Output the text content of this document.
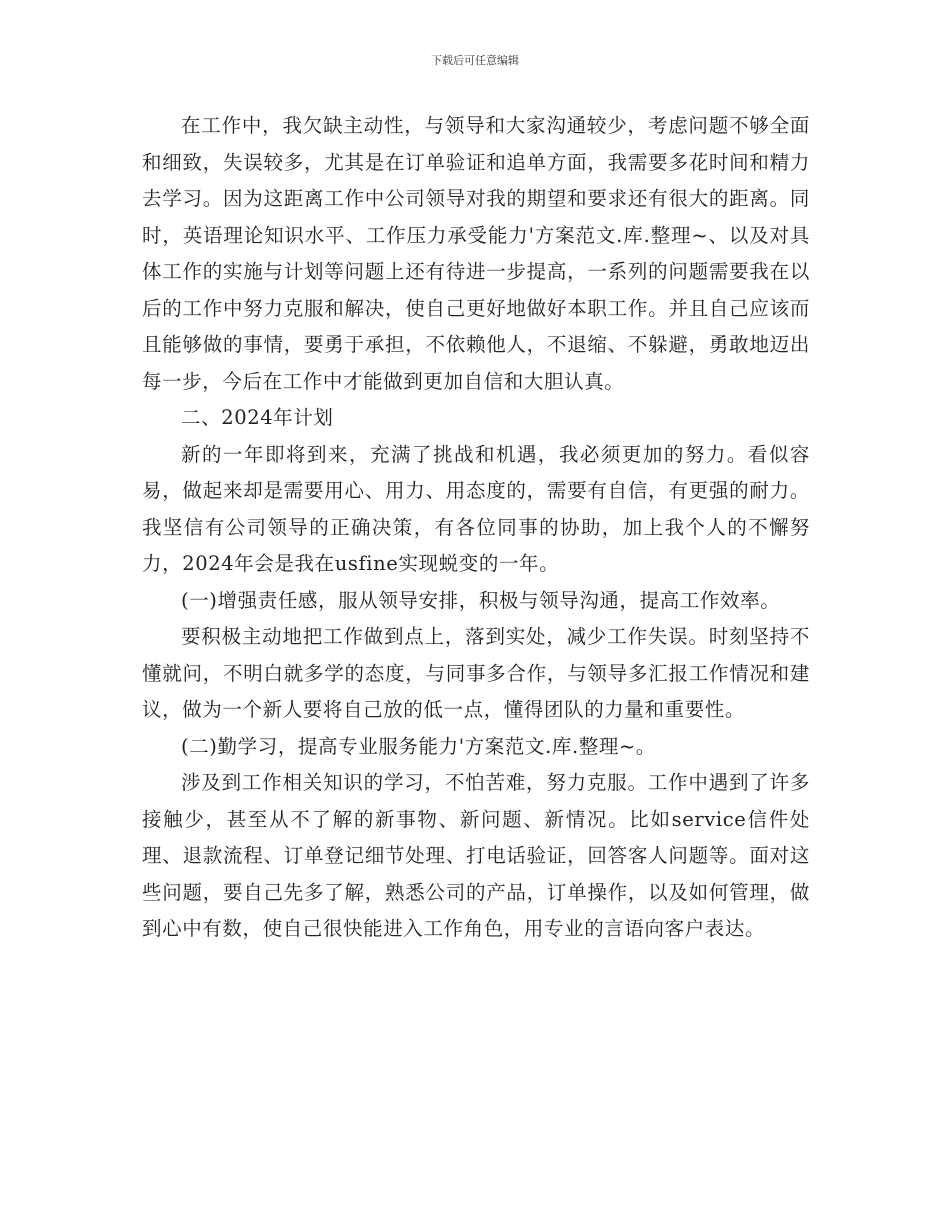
下载后可任意编辑

在工作中，我欠缺主动性，与领导和大家沟通较少，考虑问题不够全面和细致，失误较多，尤其是在订单验证和追单方面，我需要多花时间和精力去学习。因为这距离工作中公司领导对我的期望和要求还有很大的距离。同时，英语理论知识水平、工作压力承受能力'方案范文.库.整理~、以及对具体工作的实施与计划等问题上还有待进一步提高，一系列的问题需要我在以后的工作中努力克服和解决，使自己更好地做好本职工作。并且自己应该而且能够做的事情，要勇于承担，不依赖他人，不退缩、不躲避，勇敢地迈出每一步，今后在工作中才能做到更加自信和大胆认真。

二、2024年计划

新的一年即将到来，充满了挑战和机遇，我必须更加的努力。看似容易，做起来却是需要用心、用力、用态度的，需要有自信，有更强的耐力。我坚信有公司领导的正确决策，有各位同事的协助，加上我个人的不懈努力，2024年会是我在usfine实现蜕变的一年。

(一)增强责任感，服从领导安排，积极与领导沟通，提高工作效率。

要积极主动地把工作做到点上，落到实处，减少工作失误。时刻坚持不懂就问，不明白就多学的态度，与同事多合作，与领导多汇报工作情况和建议，做为一个新人要将自己放的低一点，懂得团队的力量和重要性。

(二)勤学习，提高专业服务能力'方案范文.库.整理~。

涉及到工作相关知识的学习，不怕苦难，努力克服。工作中遇到了许多接触少，甚至从不了解的新事物、新问题、新情况。比如service信件处理、退款流程、订单登记细节处理、打电话验证，回答客人问题等。面对这些问题，要自己先多了解，熟悉公司的产品，订单操作，以及如何管理，做到心中有数，使自己很快能进入工作角色，用专业的言语向客户表达。
